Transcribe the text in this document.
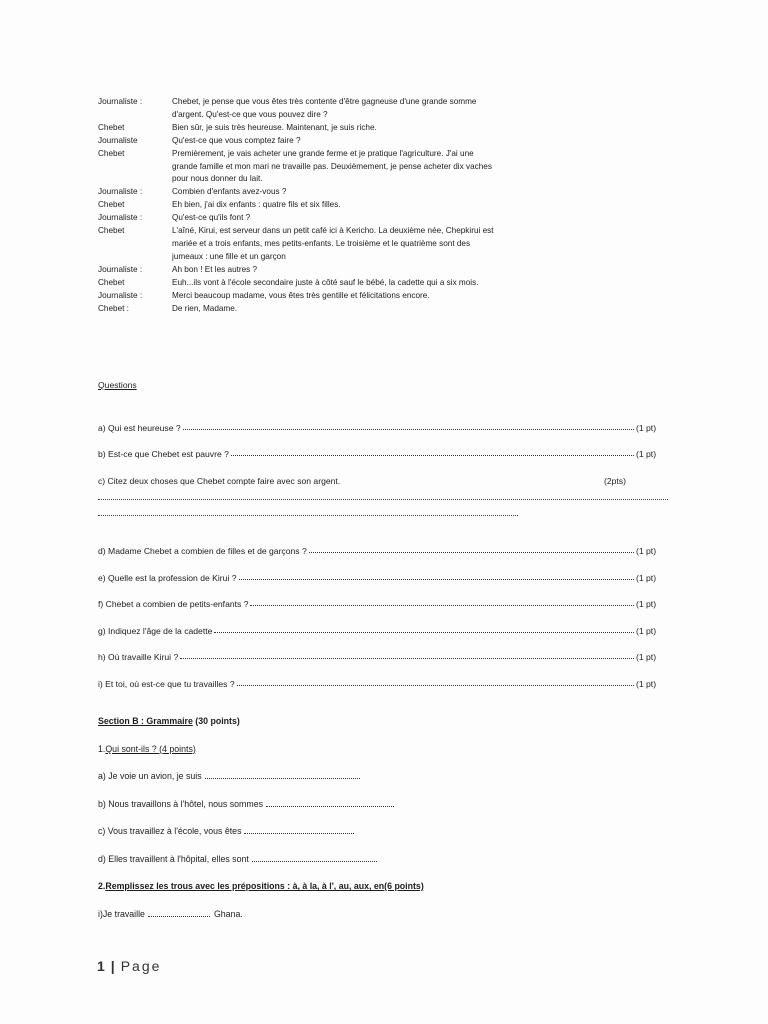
Journaliste :	Chebet, je pense que vous êtes très contente d'être gagneuse d'une grande somme
d'argent. Qu'est-ce que vous pouvez dire ?
Chebet	Bien sûr, je suis très heureuse. Maintenant, je suis riche.
Journaliste	Qu'est-ce que vous comptez faire ?
Chebet	Premièrement, je vais acheter une grande ferme et je pratique l'agriculture. J'ai une
grande famille et mon mari ne travaille pas. Deuxièmement, je pense acheter dix vaches
pour nous donner du lait.
Journaliste :	Combien d'enfants avez-vous ?
Chebet	Eh bien, j'ai dix enfants : quatre fils et six filles.
Journaliste :	Qu'est-ce qu'ils font ?
Chebet	L'aîné, Kirui, est serveur dans un petit café ici à Kericho. La deuxième née, Chepkirui est
mariée et a trois enfants, mes petits-enfants. Le troisième et le quatrième sont des
jumeaux : une fille et un garçon
Journaliste :	Ah bon ! Et les autres ?
Chebet	Euh...ils vont à l'école secondaire juste à côté sauf le bébé, la cadette qui a six mois.
Journaliste :	Merci beaucoup madame, vous êtes très gentille et félicitations encore.
Chebet :	De rien, Madame.
Questions
a) Qui est heureuse ?	(1 pt)
b) Est-ce que Chebet est pauvre ?	(1 pt)
c) Citez deux choses que Chebet compte faire avec son argent.	(2pts)
d) Madame Chebet a combien de filles et de garçons ?	(1 pt)
e) Quelle est la profession de Kirui ?	(1 pt)
f) Chebet a combien de petits-enfants ?	(1 pt)
g) Indiquez l'âge de la cadette	(1 pt)
h) Où travaille Kirui ?	(1 pt)
i) Et toi, où est-ce que tu travailles ?	(1 pt)
Section B : Grammaire (30 points)
1. Qui sont-ils ? (4 points)
a) Je voie un avion, je suis
b) Nous travaillons à l'hôtel, nous sommes
c) Vous travaillez à l'école, vous êtes
d) Elles travaillent à l'hôpital, elles sont
2. Remplissez les trous avec les prépositions : à, à la, à l', au, aux, en (6 points)
i)Je travaille	Ghana.
1 | Page
